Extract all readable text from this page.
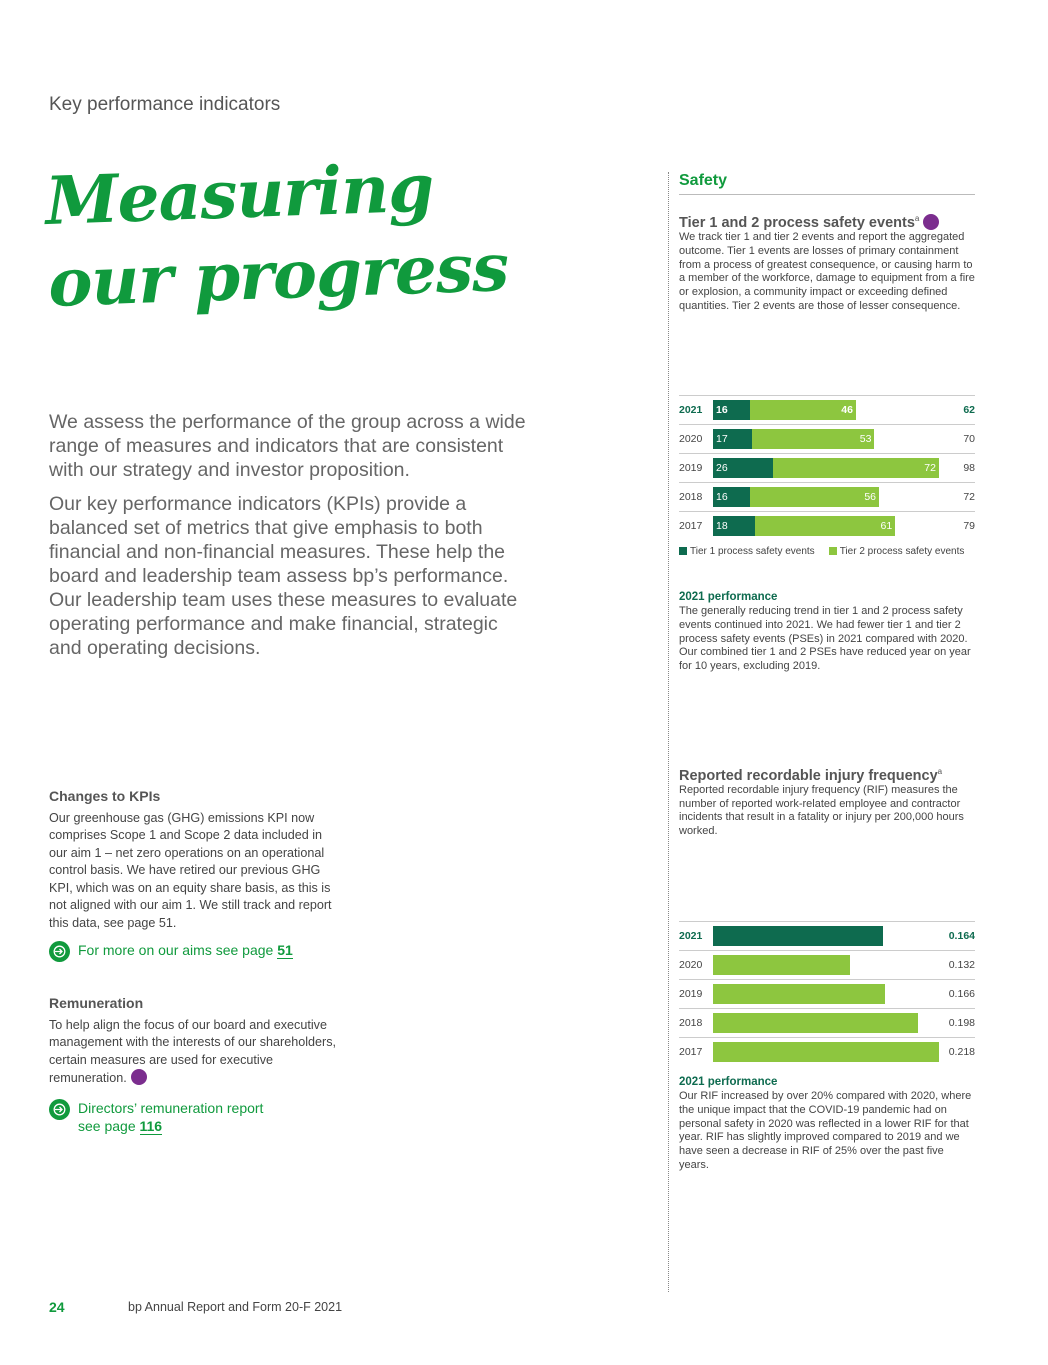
Key performance indicators
Measuring
our progress

We assess the performance of the group across a wide range of measures and indicators that are consistent with our strategy and investor proposition.

Our key performance indicators (KPIs) provide a balanced set of metrics that give emphasis to both financial and non-financial measures. These help the board and leadership team assess bp’s performance. Our leadership team uses these measures to evaluate operating performance and make financial, strategic and operating decisions.

Changes to KPIs

Our greenhouse gas (GHG) emissions KPI now comprises Scope 1 and Scope 2 data included in our aim 1 – net zero operations on an operational control basis. We have retired our previous GHG KPI, which was on an equity share basis, as this is not aligned with our aim 1. We still track and report this data, see page 51.

For more on our aims see page 51
Remuneration

To help align the focus of our board and executive management with the interests of our shareholders, certain measures are used for executive remuneration.

Directors’ remuneration report
see page 116
24	bp Annual Report and Form 20-F 2021
Safety
Tier 1 and 2 process safety events$^a$

We track tier 1 and tier 2 events and report the aggregated outcome. Tier 1 events are losses of primary containment from a process of greatest consequence, or causing harm to a member of the workforce, damage to equipment from a fire or explosion, a community impact or exceeding defined quantities. Tier 2 events are those of lesser consequence.

2021 16	46	62
2020 17	53	70
2019 26	72	98
2018 16	56	72
2017 18	61	79
Tier 1 process safety events	Tier 2 process safety events
2021 performance

The generally reducing trend in tier 1 and 2 process safety events continued into 2021. We had fewer tier 1 and tier 2 process safety events (PSEs) in 2021 compared with 2020. Our combined tier 1 and 2 PSEs have reduced year on year for 10 years, excluding 2019.

Reported recordable injury frequency$^a$

Reported recordable injury frequency (RIF) measures the number of reported work-related employee and contractor incidents that result in a fatality or injury per 200,000 hours worked.

2021	0.164
2020	0.132
2019	0.166
2018	0.198
2017	0.218
2021 performance

Our RIF increased by over 20% compared with 2020, where the unique impact that the COVID-19 pandemic had on personal safety in 2020 was reflected in a lower RIF for that year. RIF has slightly improved compared to 2019 and we have seen a decrease in RIF of 25% over the past five years.
